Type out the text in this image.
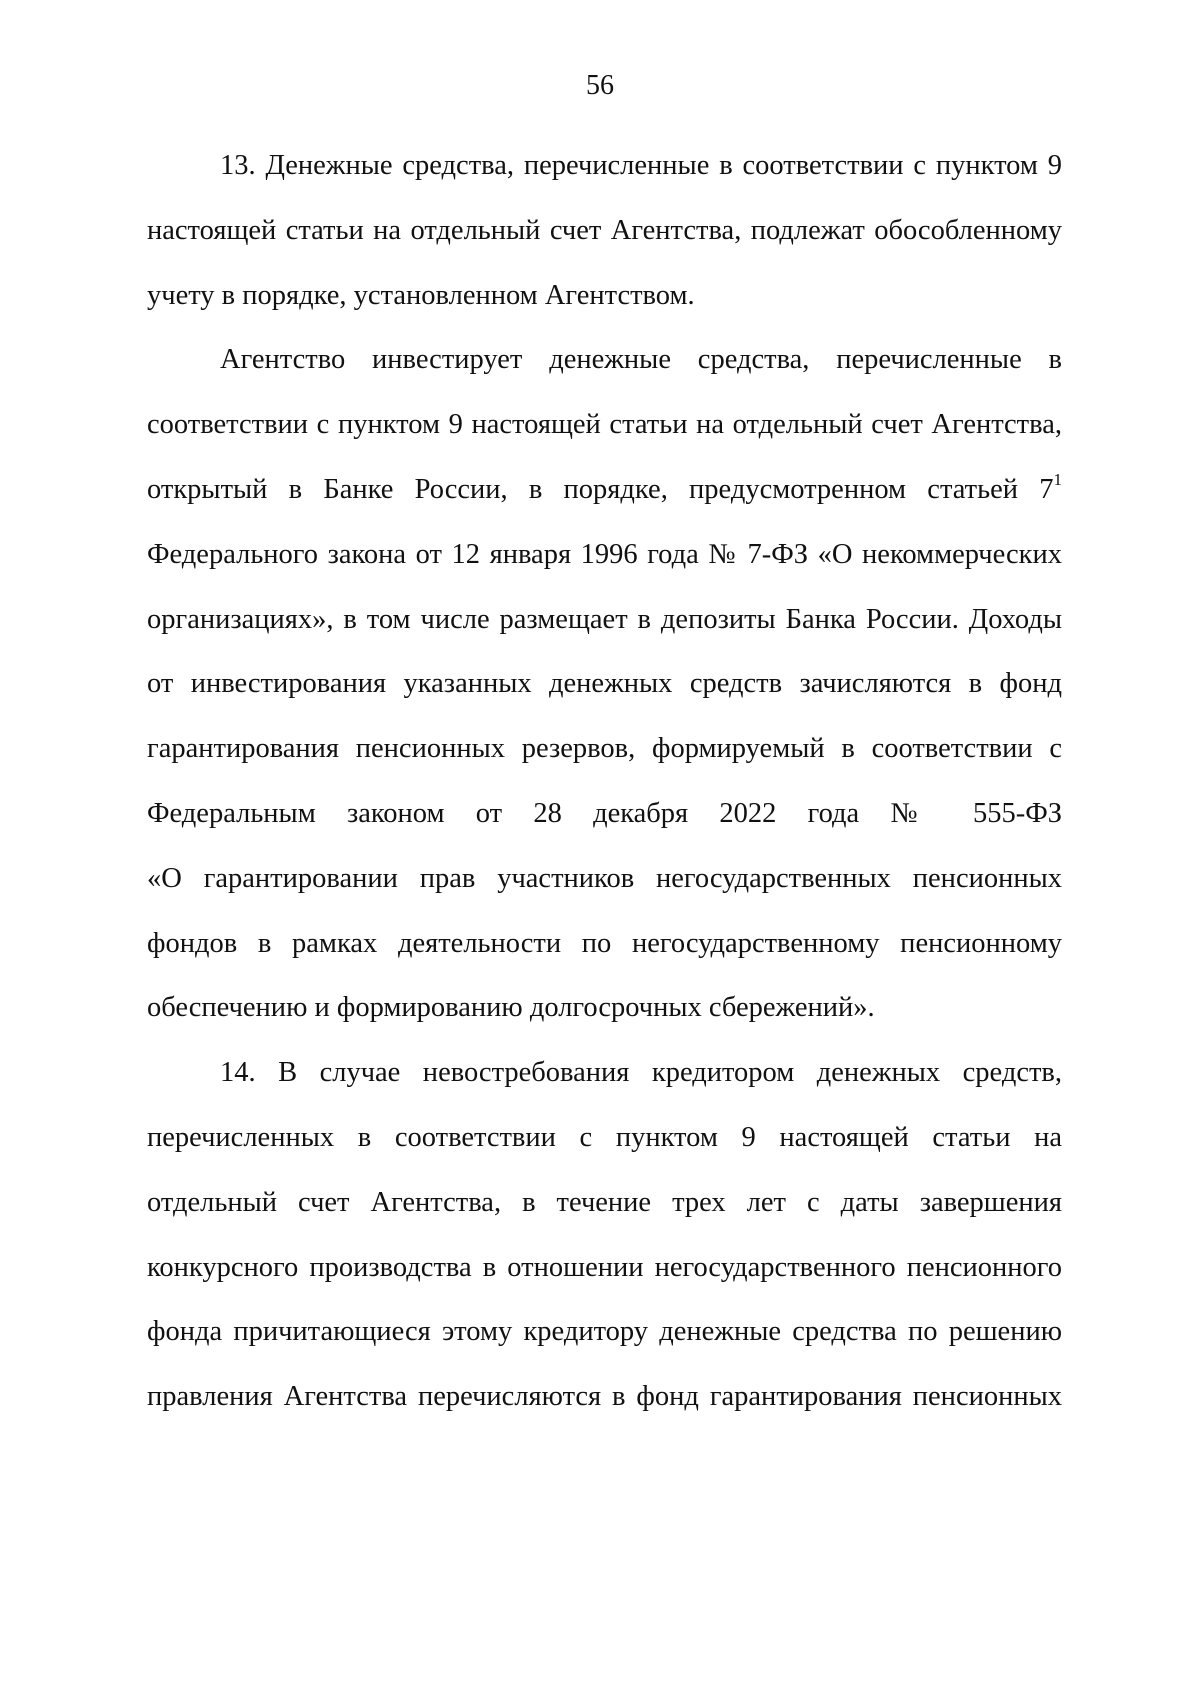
56

13. Денежные средства, перечисленные в соответствии с пунктом 9
настоящей статьи на отдельный счет Агентства, подлежат обособленному
учету в порядке, установленном Агентством.

Агентство инвестирует денежные средства, перечисленные в
соответствии с пунктом 9 настоящей статьи на отдельный счет Агентства,
открытый в Банке России, в порядке, предусмотренном статьей 7$^1$
Федерального закона от 12 января 1996 года № 7-ФЗ «О некоммерческих
организациях», в том числе размещает в депозиты Банка России. Доходы
от инвестирования указанных денежных средств зачисляются в фонд
гарантирования пенсионных резервов, формируемый в соответствии с
Федеральным законом от 28 декабря 2022 года № 555-ФЗ
«О гарантировании прав участников негосударственных пенсионных
фондов в рамках деятельности по негосударственному пенсионному
обеспечению и формированию долгосрочных сбережений».

14. В случае невостребования кредитором денежных средств,
перечисленных в соответствии с пунктом 9 настоящей статьи на
отдельный счет Агентства, в течение трех лет с даты завершения
конкурсного производства в отношении негосударственного пенсионного
фонда причитающиеся этому кредитору денежные средства по решению
правления Агентства перечисляются в фонд гарантирования пенсионных
